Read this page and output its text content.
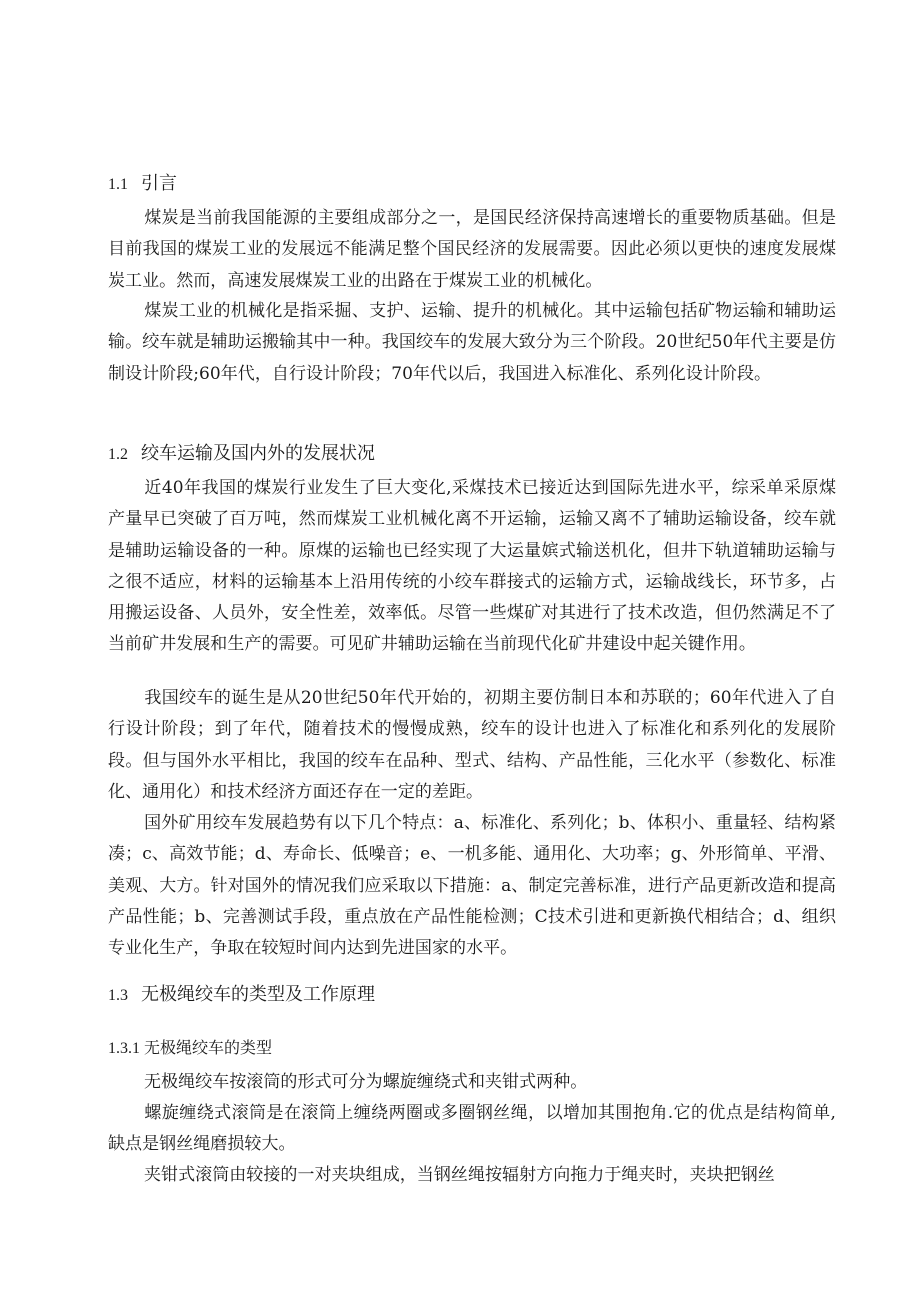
1.1 引言
煤炭是当前我国能源的主要组成部分之一，是国民经济保持高速增长的重要物质基础。但是目前我国的煤炭工业的发展远不能满足整个国民经济的发展需要。因此必须以更快的速度发展煤炭工业。然而，高速发展煤炭工业的出路在于煤炭工业的机械化。
煤炭工业的机械化是指采掘、支护、运输、提升的机械化。其中运输包括矿物运输和辅助运输。绞车就是辅助运搬输其中一种。我国绞车的发展大致分为三个阶段。20世纪50年代主要是仿制设计阶段;60年代，自行设计阶段；70年代以后，我国进入标准化、系列化设计阶段。
1.2 绞车运输及国内外的发展状况
近40年我国的煤炭行业发生了巨大变化,采煤技术已接近达到国际先进水平，综采单采原煤产量早已突破了百万吨，然而煤炭工业机械化离不开运输，运输又离不了辅助运输设备，绞车就是辅助运输设备的一种。原煤的运输也已经实现了大运量嫔式输送机化，但井下轨道辅助运输与之很不适应，材料的运输基本上沿用传统的小绞车群接式的运输方式，运输战线长，环节多，占用搬运设备、人员外，安全性差，效率低。尽管一些煤矿对其进行了技术改造，但仍然满足不了当前矿井发展和生产的需要。可见矿井辅助运输在当前现代化矿井建设中起关键作用。
我国绞车的诞生是从20世纪50年代开始的，初期主要仿制日本和苏联的；60年代进入了自行设计阶段；到了年代，随着技术的慢慢成熟，绞车的设计也进入了标准化和系列化的发展阶段。但与国外水平相比，我国的绞车在品种、型式、结构、产品性能，三化水平（参数化、标准化、通用化）和技术经济方面还存在一定的差距。
国外矿用绞车发展趋势有以下几个特点：a、标准化、系列化；b、体积小、重量轻、结构紧凑；c、高效节能；d、寿命长、低噪音；e、一机多能、通用化、大功率；g、外形简单、平滑、美观、大方。针对国外的情况我们应采取以下措施：a、制定完善标准，进行产品更新改造和提高产品性能；b、完善测试手段，重点放在产品性能检测；C技术引进和更新换代相结合；d、组织专业化生产，争取在较短时间内达到先进国家的水平。
1.3 无极绳绞车的类型及工作原理
1.3.1 无极绳绞车的类型
无极绳绞车按滚筒的形式可分为螺旋缠绕式和夹钳式两种。
螺旋缠绕式滚筒是在滚筒上缠绕两圈或多圈钢丝绳，以增加其围抱角.它的优点是结构简单,缺点是钢丝绳磨损较大。
夹钳式滚筒由较接的一对夹块组成，当钢丝绳按辐射方向拖力于绳夹时，夹块把钢丝
